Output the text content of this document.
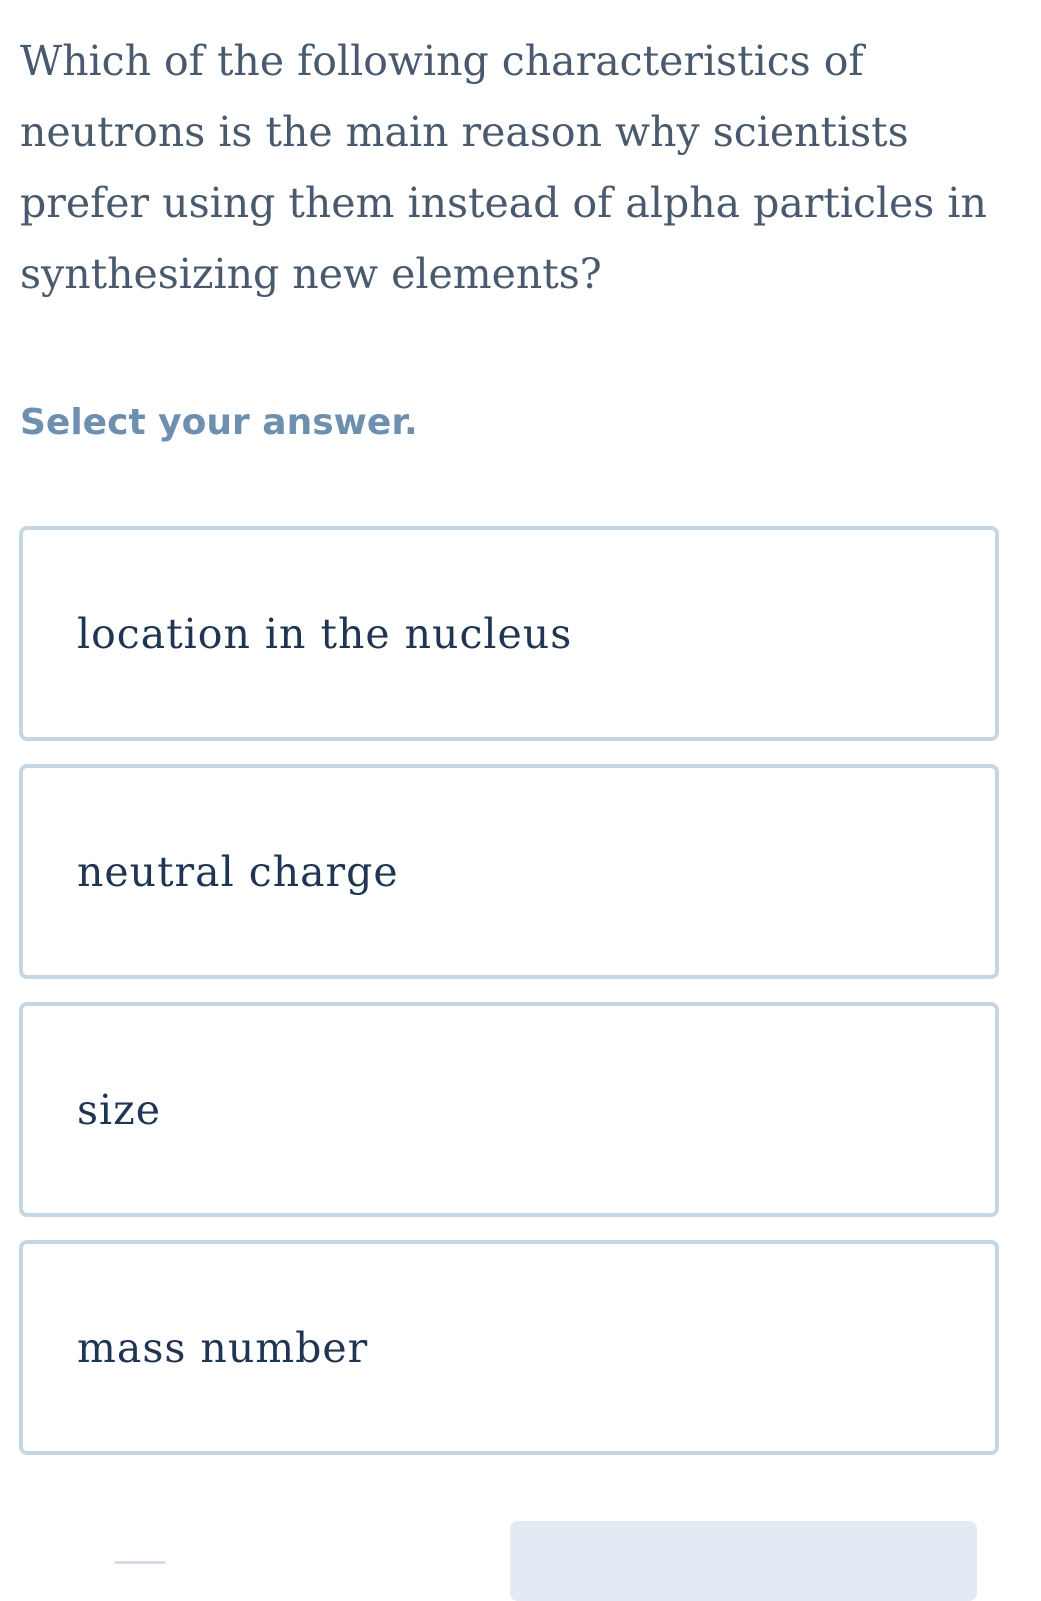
Which of the following characteristics of neutrons is the main reason why scientists prefer using them instead of alpha particles in synthesizing new elements?

Select your answer.

location in the nucleus
neutral charge
size
mass number
